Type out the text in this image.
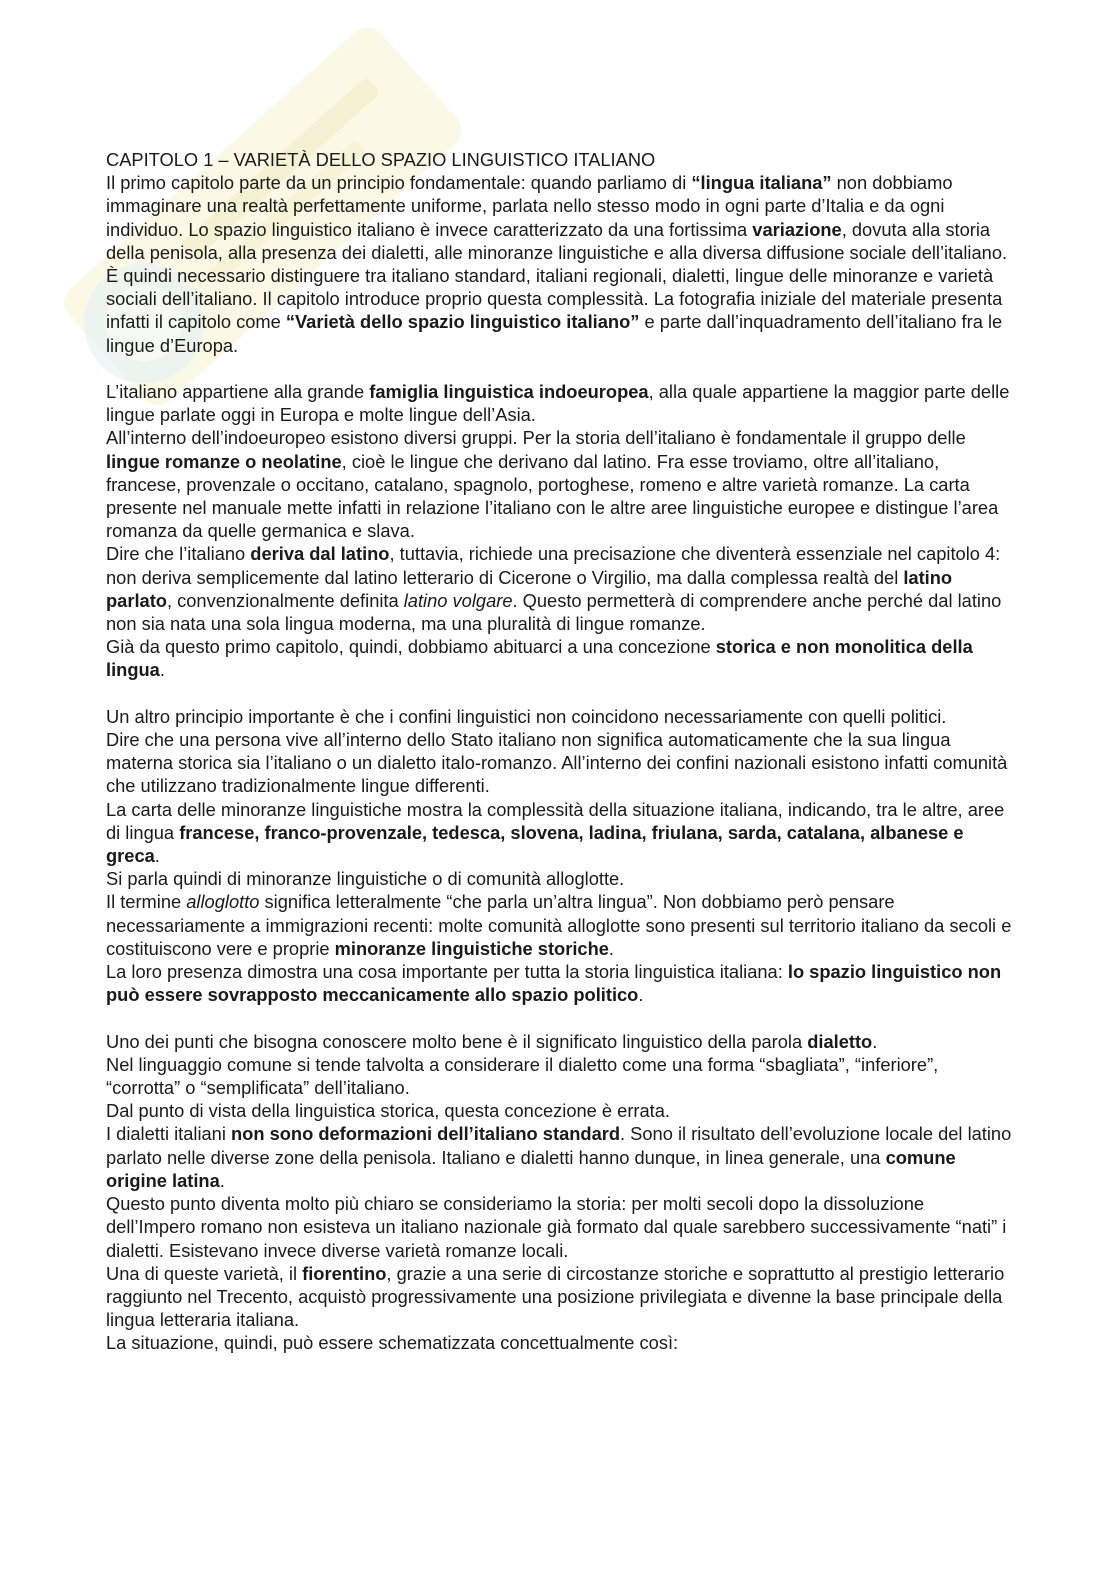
CAPITOLO 1 – VARIETÀ DELLO SPAZIO LINGUISTICO ITALIANO

Il primo capitolo parte da un principio fondamentale: quando parliamo di “lingua italiana” non dobbiamo immaginare una realtà perfettamente uniforme, parlata nello stesso modo in ogni parte d’Italia e da ogni individuo. Lo spazio linguistico italiano è invece caratterizzato da una fortissima variazione, dovuta alla storia della penisola, alla presenza dei dialetti, alle minoranze linguistiche e alla diversa diffusione sociale dell’italiano.

È quindi necessario distinguere tra italiano standard, italiani regionali, dialetti, lingue delle minoranze e varietà sociali dell’italiano. Il capitolo introduce proprio questa complessità. La fotografia iniziale del materiale presenta infatti il capitolo come “Varietà dello spazio linguistico italiano” e parte dall’inquadramento dell’italiano fra le lingue d’Europa.

L’italiano appartiene alla grande famiglia linguistica indoeuropea, alla quale appartiene la maggior parte delle lingue parlate oggi in Europa e molte lingue dell’Asia.

All’interno dell’indoeuropeo esistono diversi gruppi. Per la storia dell’italiano è fondamentale il gruppo delle lingue romanze o neolatine, cioè le lingue che derivano dal latino. Fra esse troviamo, oltre all’italiano, francese, provenzale o occitano, catalano, spagnolo, portoghese, romeno e altre varietà romanze. La carta presente nel manuale mette infatti in relazione l’italiano con le altre aree linguistiche europee e distingue l’area romanza da quelle germanica e slava.

Dire che l’italiano deriva dal latino, tuttavia, richiede una precisazione che diventerà essenziale nel capitolo 4: non deriva semplicemente dal latino letterario di Cicerone o Virgilio, ma dalla complessa realtà del latino parlato, convenzionalmente definita latino volgare. Questo permetterà di comprendere anche perché dal latino non sia nata una sola lingua moderna, ma una pluralità di lingue romanze.

Già da questo primo capitolo, quindi, dobbiamo abituarci a una concezione storica e non monolitica della lingua.

Un altro principio importante è che i confini linguistici non coincidono necessariamente con quelli politici.

Dire che una persona vive all’interno dello Stato italiano non significa automaticamente che la sua lingua materna storica sia l’italiano o un dialetto italo-romanzo. All’interno dei confini nazionali esistono infatti comunità che utilizzano tradizionalmente lingue differenti.

La carta delle minoranze linguistiche mostra la complessità della situazione italiana, indicando, tra le altre, aree di lingua francese, franco-provenzale, tedesca, slovena, ladina, friulana, sarda, catalana, albanese e greca.

Si parla quindi di minoranze linguistiche o di comunità alloglotte.

Il termine alloglotto significa letteralmente “che parla un’altra lingua”. Non dobbiamo però pensare necessariamente a immigrazioni recenti: molte comunità alloglotte sono presenti sul territorio italiano da secoli e costituiscono vere e proprie minoranze linguistiche storiche.

La loro presenza dimostra una cosa importante per tutta la storia linguistica italiana: lo spazio linguistico non può essere sovrapposto meccanicamente allo spazio politico.

Uno dei punti che bisogna conoscere molto bene è il significato linguistico della parola dialetto.

Nel linguaggio comune si tende talvolta a considerare il dialetto come una forma “sbagliata”, “inferiore”, “corrotta” o “semplificata” dell’italiano.

Dal punto di vista della linguistica storica, questa concezione è errata.

I dialetti italiani non sono deformazioni dell’italiano standard. Sono il risultato dell’evoluzione locale del latino parlato nelle diverse zone della penisola. Italiano e dialetti hanno dunque, in linea generale, una comune origine latina.

Questo punto diventa molto più chiaro se consideriamo la storia: per molti secoli dopo la dissoluzione dell’Impero romano non esisteva un italiano nazionale già formato dal quale sarebbero successivamente “nati” i dialetti. Esistevano invece diverse varietà romanze locali.

Una di queste varietà, il fiorentino, grazie a una serie di circostanze storiche e soprattutto al prestigio letterario raggiunto nel Trecento, acquistò progressivamente una posizione privilegiata e divenne la base principale della lingua letteraria italiana.

La situazione, quindi, può essere schematizzata concettualmente così:
